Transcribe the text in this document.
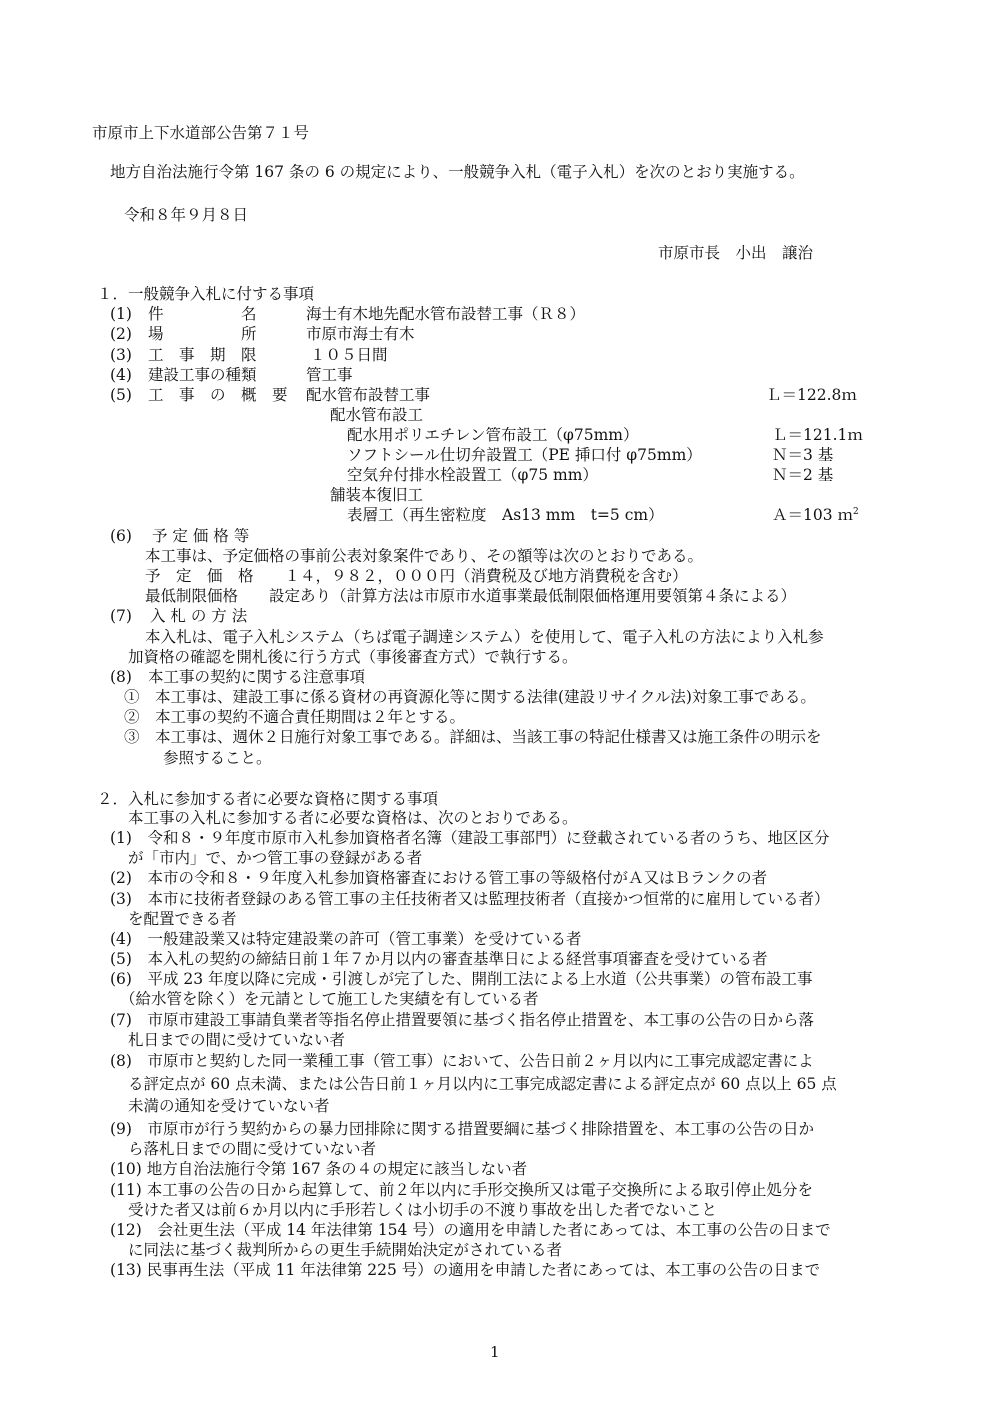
市原市上下水道部公告第７１号
地方自治法施行令第 167 条の 6 の規定により、一般競争入札（電子入札）を次のとおり実施する。
令和８年９月８日
市原市長　小出　譲治
１．一般競争入札に付する事項
(1) 件　　　　　名	海士有木地先配水管布設替工事（Ｒ８）
(2) 場　　　　　所	市原市海士有木
(3) 工　事　期　限	１０５日間
(4) 建設工事の種類	管工事
(5) 工　事　の　概　要 配水管布設替工事	Ｌ＝122.8ｍ
配水管布設工
配水用ポリエチレン管布設工（φ75mm）	Ｌ＝121.1ｍ
ソフトシール仕切弁設置工（PE 挿口付 φ75mm）	Ｎ＝3 基
空気弁付排水栓設置工（φ75 mm）	Ｎ＝2 基
舗装本復旧工
表層工（再生密粒度　As13 mm　t=5 cm）	Ａ＝103 ｍ$^2$
(6) 予 定 価 格 等
本工事は、予定価格の事前公表対象案件であり、その額等は次のとおりである。
予　定　価　格　　１４，９８２，０００円（消費税及び地方消費税を含む）
最低制限価格　　設定あり（計算方法は市原市水道事業最低制限価格運用要領第４条による）
(7) 入 札 の 方 法
本入札は、電子入札システム（ちば電子調達システム）を使用して、電子入札の方法により入札参
加資格の確認を開札後に行う方式（事後審査方式）で執行する。
(8) 本工事の契約に関する注意事項
①　本工事は、建設工事に係る資材の再資源化等に関する法律(建設リサイクル法)対象工事である。
②　本工事の契約不適合責任期間は２年とする。
③　本工事は、週休２日施行対象工事である。詳細は、当該工事の特記仕様書又は施工条件の明示を
参照すること。
２．入札に参加する者に必要な資格に関する事項
本工事の入札に参加する者に必要な資格は、次のとおりである。
(1)　令和８・９年度市原市入札参加資格者名簿（建設工事部門）に登載されている者のうち、地区区分
が「市内」で、かつ管工事の登録がある者
(2)　本市の令和８・９年度入札参加資格審査における管工事の等級格付がＡ又はＢランクの者
(3)　本市に技術者登録のある管工事の主任技術者又は監理技術者（直接かつ恒常的に雇用している者）
を配置できる者
(4)　一般建設業又は特定建設業の許可（管工事業）を受けている者
(5)　本入札の契約の締結日前１年７か月以内の審査基準日による経営事項審査を受けている者
(6)　平成 23 年度以降に完成・引渡しが完了した、開削工法による上水道（公共事業）の管布設工事
（給水管を除く）を元請として施工した実績を有している者
(7)　市原市建設工事請負業者等指名停止措置要領に基づく指名停止措置を、本工事の公告の日から落
札日までの間に受けていない者
(8)　市原市と契約した同一業種工事（管工事）において、公告日前２ヶ月以内に工事完成認定書によ
る評定点が 60 点未満、または公告日前１ヶ月以内に工事完成認定書による評定点が 60 点以上 65 点
未満の通知を受けていない者
(9)　市原市が行う契約からの暴力団排除に関する措置要綱に基づく排除措置を、本工事の公告の日か
ら落札日までの間に受けていない者
(10) 地方自治法施行令第 167 条の４の規定に該当しない者
(11) 本工事の公告の日から起算して、前２年以内に手形交換所又は電子交換所による取引停止処分を
受けた者又は前６か月以内に手形若しくは小切手の不渡り事故を出した者でないこと
(12)　会社更生法（平成 14 年法律第 154 号）の適用を申請した者にあっては、本工事の公告の日まで
に同法に基づく裁判所からの更生手続開始決定がされている者
(13) 民事再生法（平成 11 年法律第 225 号）の適用を申請した者にあっては、本工事の公告の日まで
1
